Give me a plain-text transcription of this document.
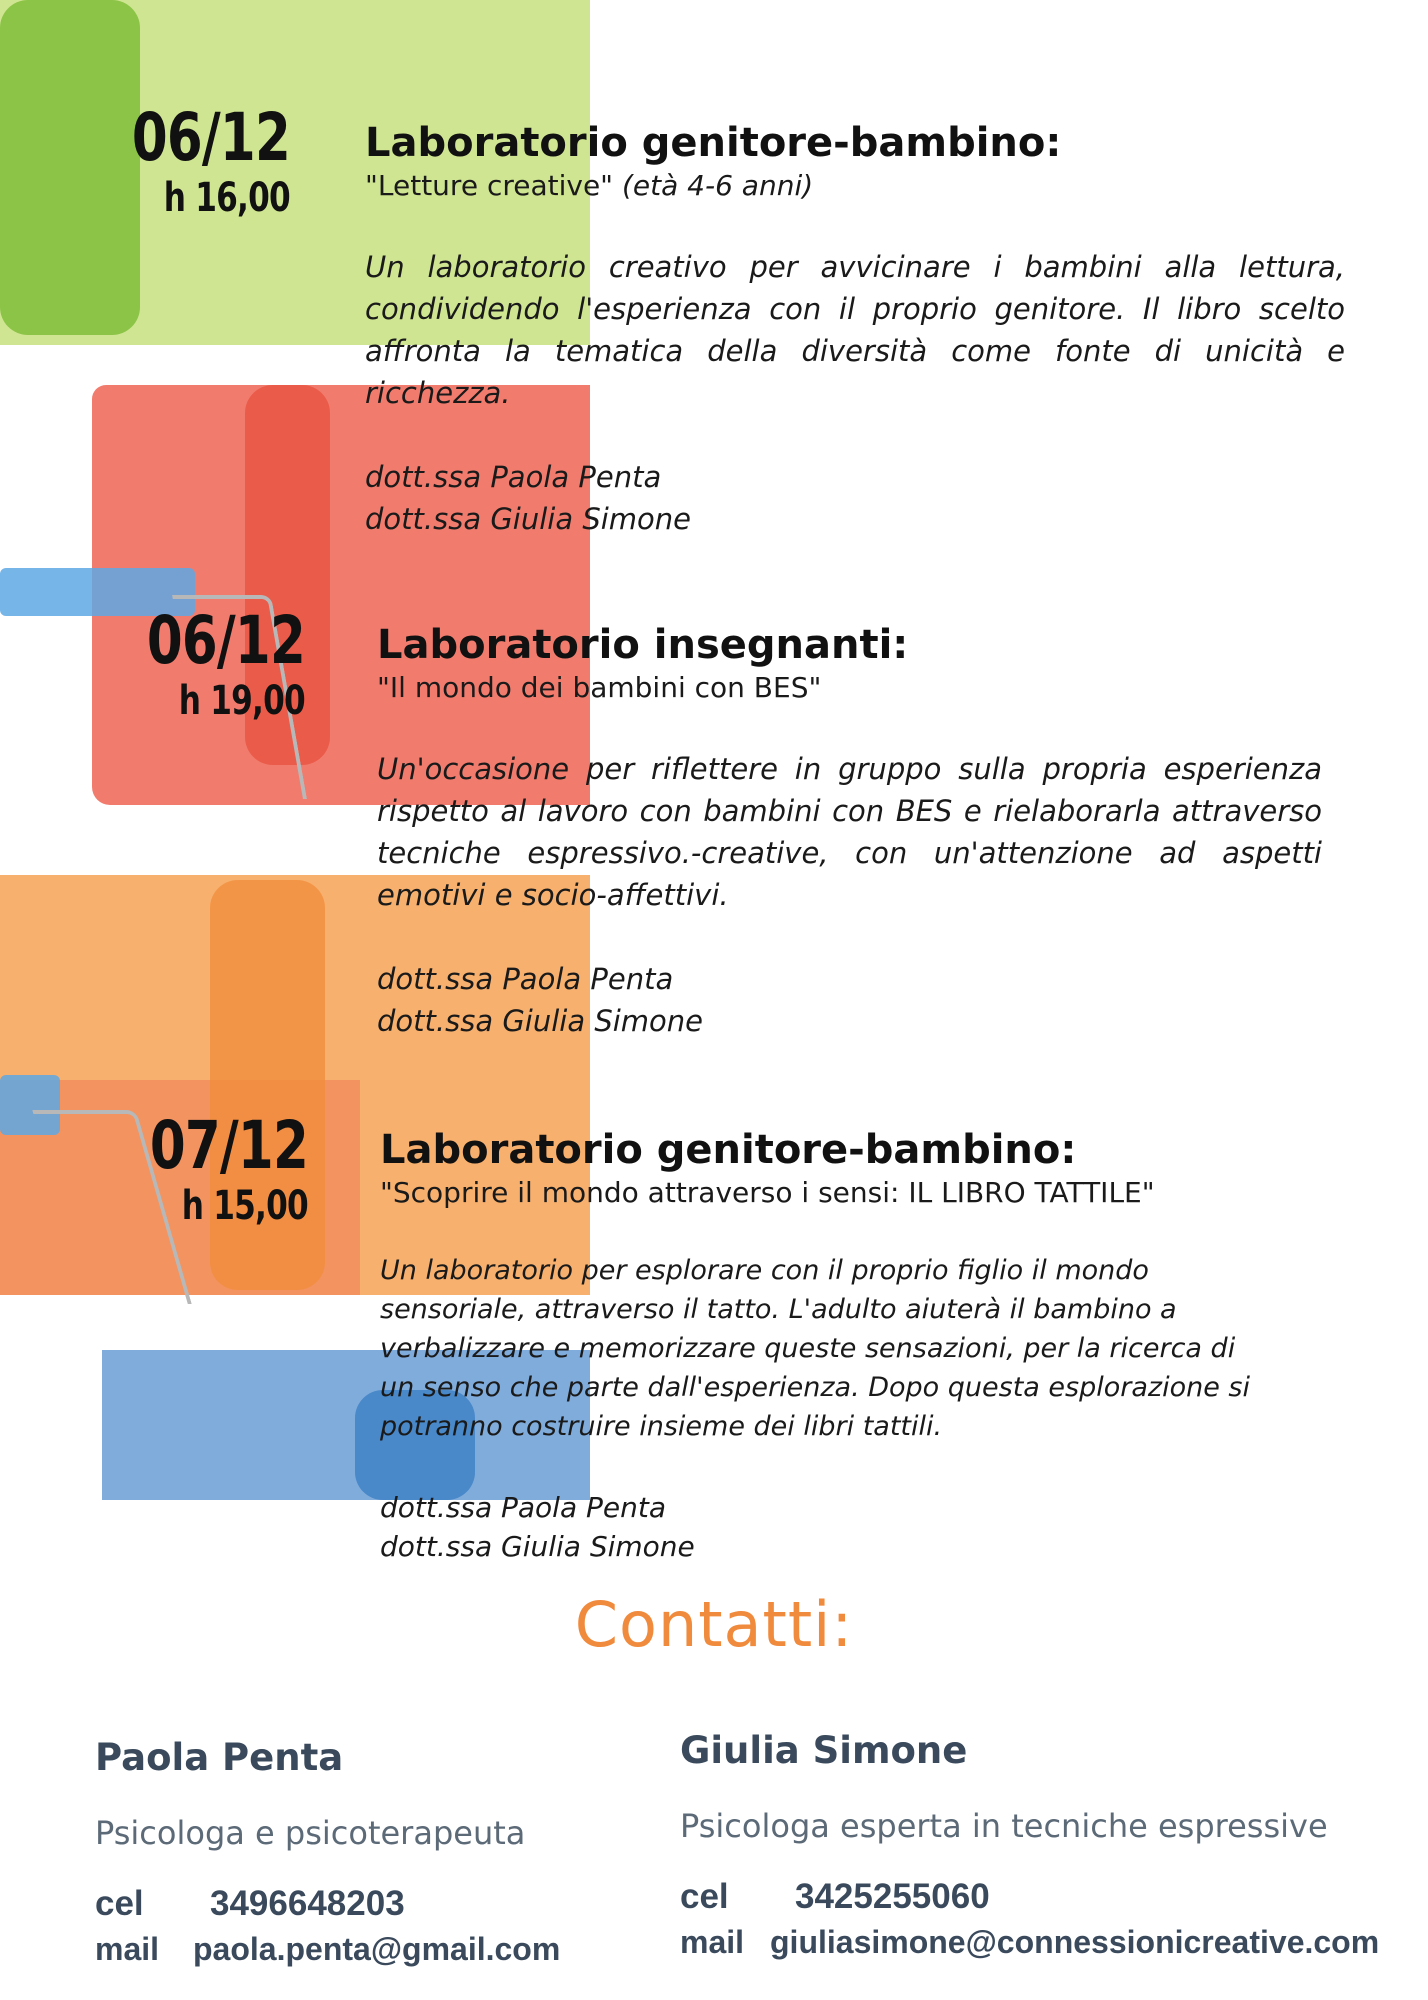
06/12
h 16,00

Laboratorio genitore-bambino:

"Letture creative" (età 4-6 anni)

Un laboratorio creativo per avvicinare i bambini alla lettura, condividendo l'esperienza con il proprio genitore. Il libro scelto affronta la tematica della diversità come fonte di unicità e ricchezza.

dott.ssa Paola Penta
dott.ssa Giulia Simone
06/12
h 19,00

Laboratorio insegnanti:

"Il mondo dei bambini con BES"

Un'occasione per riflettere in gruppo sulla propria esperienza rispetto al lavoro con bambini con BES e rielaborarla attraverso tecniche espressivo.-creative, con un'attenzione ad aspetti emotivi e socio-affettivi.

dott.ssa Paola Penta
dott.ssa Giulia Simone
07/12
h 15,00

Laboratorio genitore-bambino:

"Scoprire il mondo attraverso i sensi: IL LIBRO TATTILE"

Un laboratorio per esplorare con il proprio figlio il mondo
sensoriale, attraverso il tatto. L'adulto aiuterà il bambino a
verbalizzare e memorizzare queste sensazioni, per la ricerca di
un senso che parte dall'esperienza. Dopo questa esplorazione si
potranno costruire insieme dei libri tattili.
dott.ssa Paola Penta
dott.ssa Giulia Simone
Contatti:
Paola Penta
Psicologa e psicoterapeuta
cel 3496648203
mail paola.penta@gmail.com
Giulia Simone
Psicologa esperta in tecniche espressive
cel 3425255060
mail giuliasimone@connessionicreative.com
